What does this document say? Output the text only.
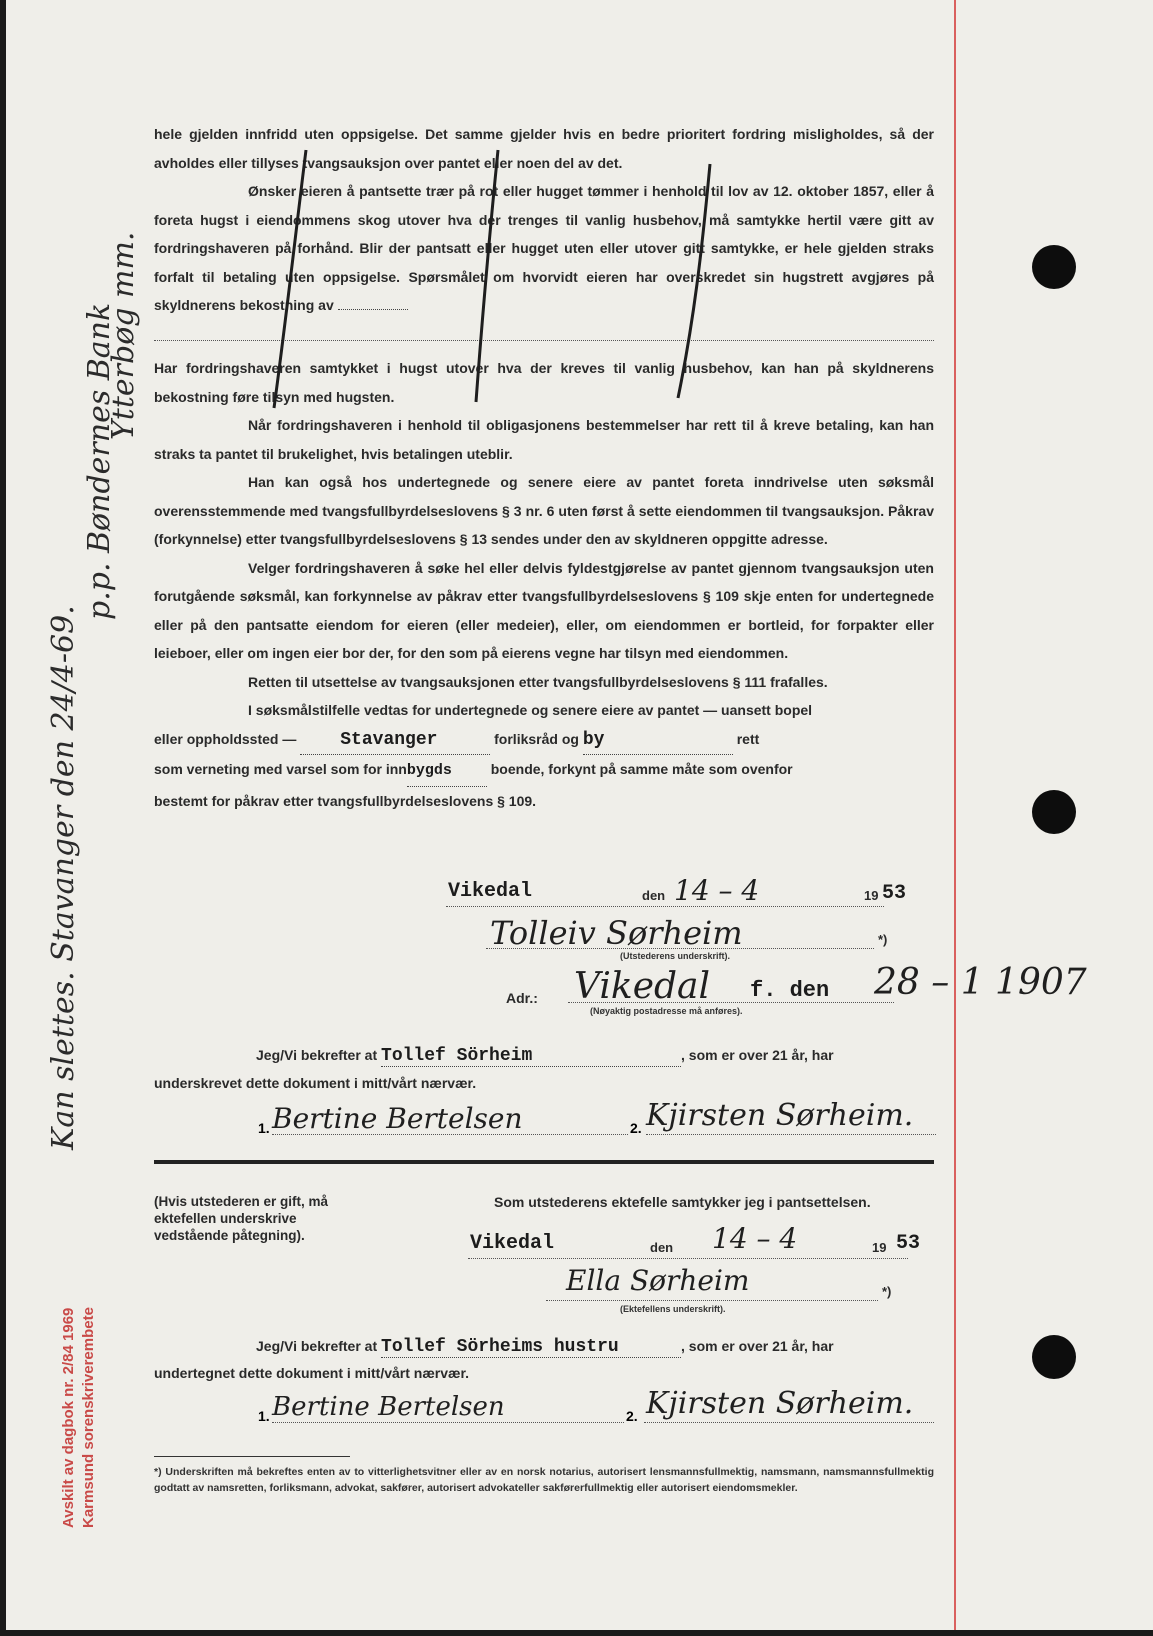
hele gjelden innfridd uten oppsigelse. Det samme gjelder hvis en bedre prioritert fordring misligholdes, så der avholdes eller tillyses tvangsauksjon over pantet eller noen del av det.

Ønsker eieren å pantsette trær på rot eller hugget tømmer i henhold til lov av 12. oktober 1857, eller å foreta hugst i eiendommens skog utover hva der trenges til vanlig husbehov, må samtykke hertil være gitt av fordringshaveren på forhånd. Blir der pantsatt eller hugget uten eller utover gitt samtykke, er hele gjelden straks forfalt til betaling uten oppsigelse. Spørsmålet om hvorvidt eieren har overskredet sin hugstrett avgjøres på skyldnerens bekostning av

Har fordringshaveren samtykket i hugst utover hva der kreves til vanlig husbehov, kan han på skyldnerens bekostning føre tilsyn med hugsten.

Når fordringshaveren i henhold til obligasjonens bestemmelser har rett til å kreve betaling, kan han straks ta pantet til brukelighet, hvis betalingen uteblir.

Han kan også hos undertegnede og senere eiere av pantet foreta inndrivelse uten søksmål overensstemmende med tvangsfullbyrdelseslovens § 3 nr. 6 uten først å sette eiendommen til tvangsauksjon. Påkrav (forkynnelse) etter tvangsfullbyrdelseslovens § 13 sendes under den av skyldneren oppgitte adresse.

Velger fordringshaveren å søke hel eller delvis fyldestgjørelse av pantet gjennom tvangsauksjon uten forutgående søksmål, kan forkynnelse av påkrav etter tvangsfullbyrdelseslovens § 109 skje enten for undertegnede eller på den pantsatte eiendom for eieren (eller medeier), eller, om eiendommen er bortleid, for forpakter eller leieboer, eller om ingen eier bor der, for den som på eierens vegne har tilsyn med eiendommen.

Retten til utsettelse av tvangsauksjonen etter tvangsfullbyrdelseslovens § 111 frafalles.

I søksmålstilfelle vedtas for undertegnede og senere eiere av pantet — uansett bopel

eller oppholdssted — Stavanger	forliksråd og by	rett

som verneting med varsel som for innbygds	boende, forkynt på samme måte som ovenfor

bestemt for påkrav etter tvangsfullbyrdelseslovens § 109.

Vikedal	den 14 – 4	19 53
Tolleiv Sørheim	*)
(Utstederens underskrift).
Adr.: Vikedal f. den 28 – 1 1907
(Nøyaktig postadresse må anføres).
Jeg/Vi bekrefter at Tollef Sörheim	, som er over 21 år, har
underskrevet dette dokument i mitt/vårt nærvær.
1. Bertine Bertelsen	2. Kjirsten Sørheim.
(Hvis utstederen er gift, må ektefellen underskrive vedstående påtegning).
Som utstederens ektefelle samtykker jeg i pantsettelsen.
Vikedal	den 14 – 4	19 53
Ella Sørheim	*)
(Ektefellens underskrift).
Jeg/Vi bekrefter at Tollef Sörheims hustru	, som er over 21 år, har
undertegnet dette dokument i mitt/vårt nærvær.
1. Bertine Bertelsen	2. Kjirsten Sørheim.
*) Underskriften må bekreftes enten av to vitterlighetsvitner eller av en norsk notarius, autorisert lensmannsfullmektig, namsmann, namsmannsfullmektig godtatt av namsretten, forliksmann, advokat, sakfører, autorisert advokateller sakførerfullmektig eller autorisert eiendomsmekler.
Kan slettes. Stavanger den 24/4-69.
p.p. Bøndernes Bank
Ytterbøg mm.
Avskilt av dagbok nr. 2/84 1969 Karmsund sorenskriverembete
